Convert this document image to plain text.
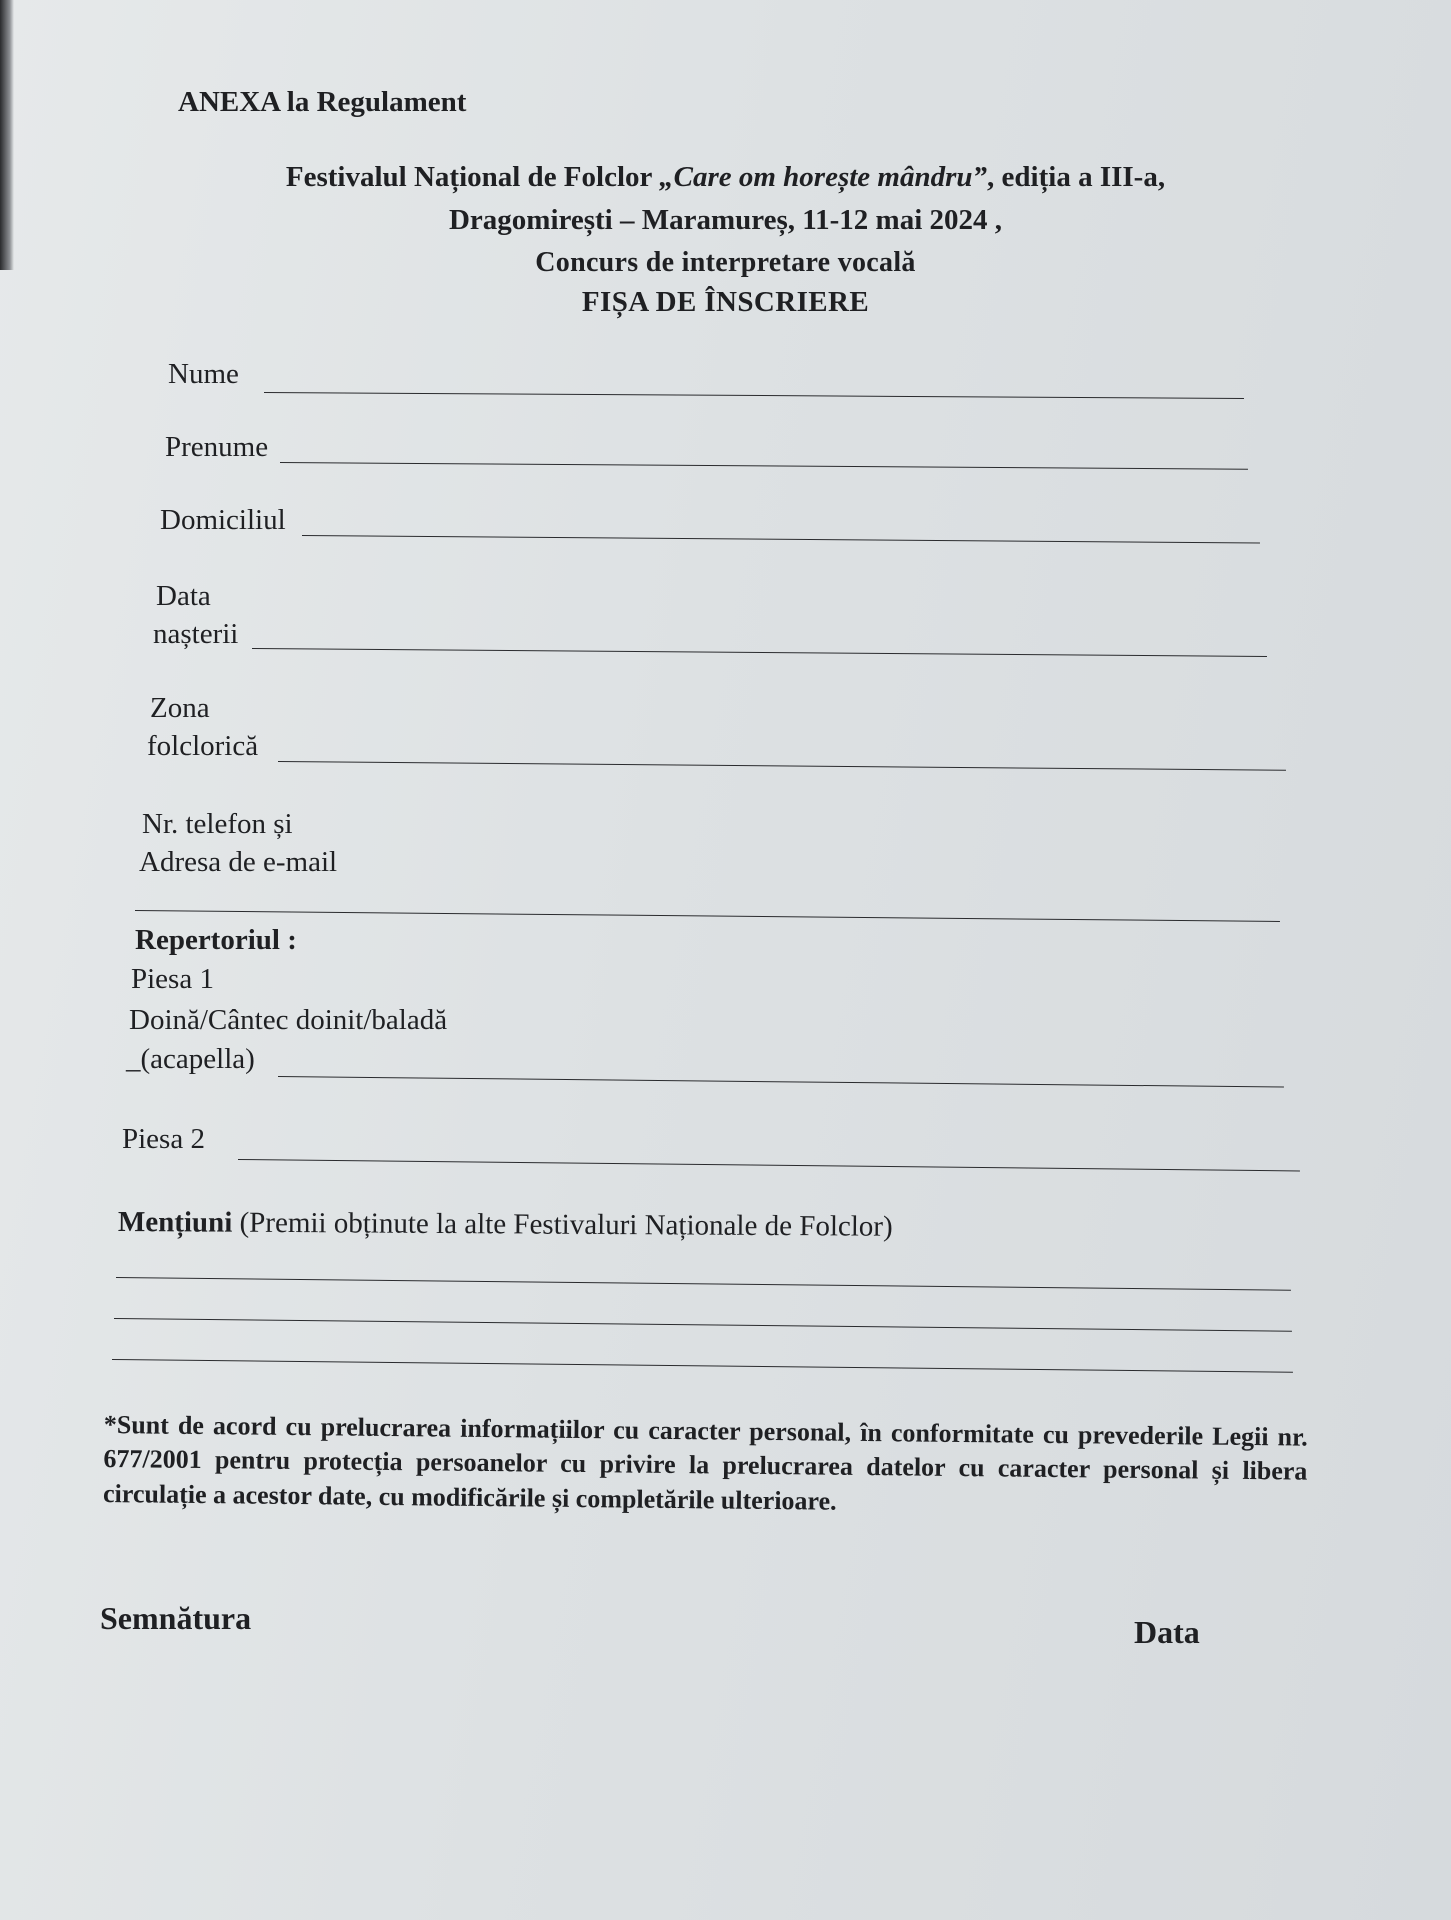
ANEXA la Regulament
Festivalul Național de Folclor „Care om horește mândru”, ediția a III-a,
Dragomirești – Maramureș, 11-12 mai 2024 ,
Concurs de interpretare vocală
FIȘA DE ÎNSCRIERE
Nume
Prenume
Domiciliul
Data
nașterii
Zona
folclorică
Nr. telefon și
Adresa de e-mail
Repertoriul :
Piesa 1
Doină/Cântec doinit/baladă
_(acapella)
Piesa 2
Mențiuni (Premii obținute la alte Festivaluri Naționale de Folclor)
*Sunt de acord cu prelucrarea informațiilor cu caracter personal, în conformitate cu prevederile Legii nr. 677/2001 pentru protecția persoanelor cu privire la prelucrarea datelor cu caracter personal și libera circulație a acestor date, cu modificările și completările ulterioare.
Semnătura	Data
